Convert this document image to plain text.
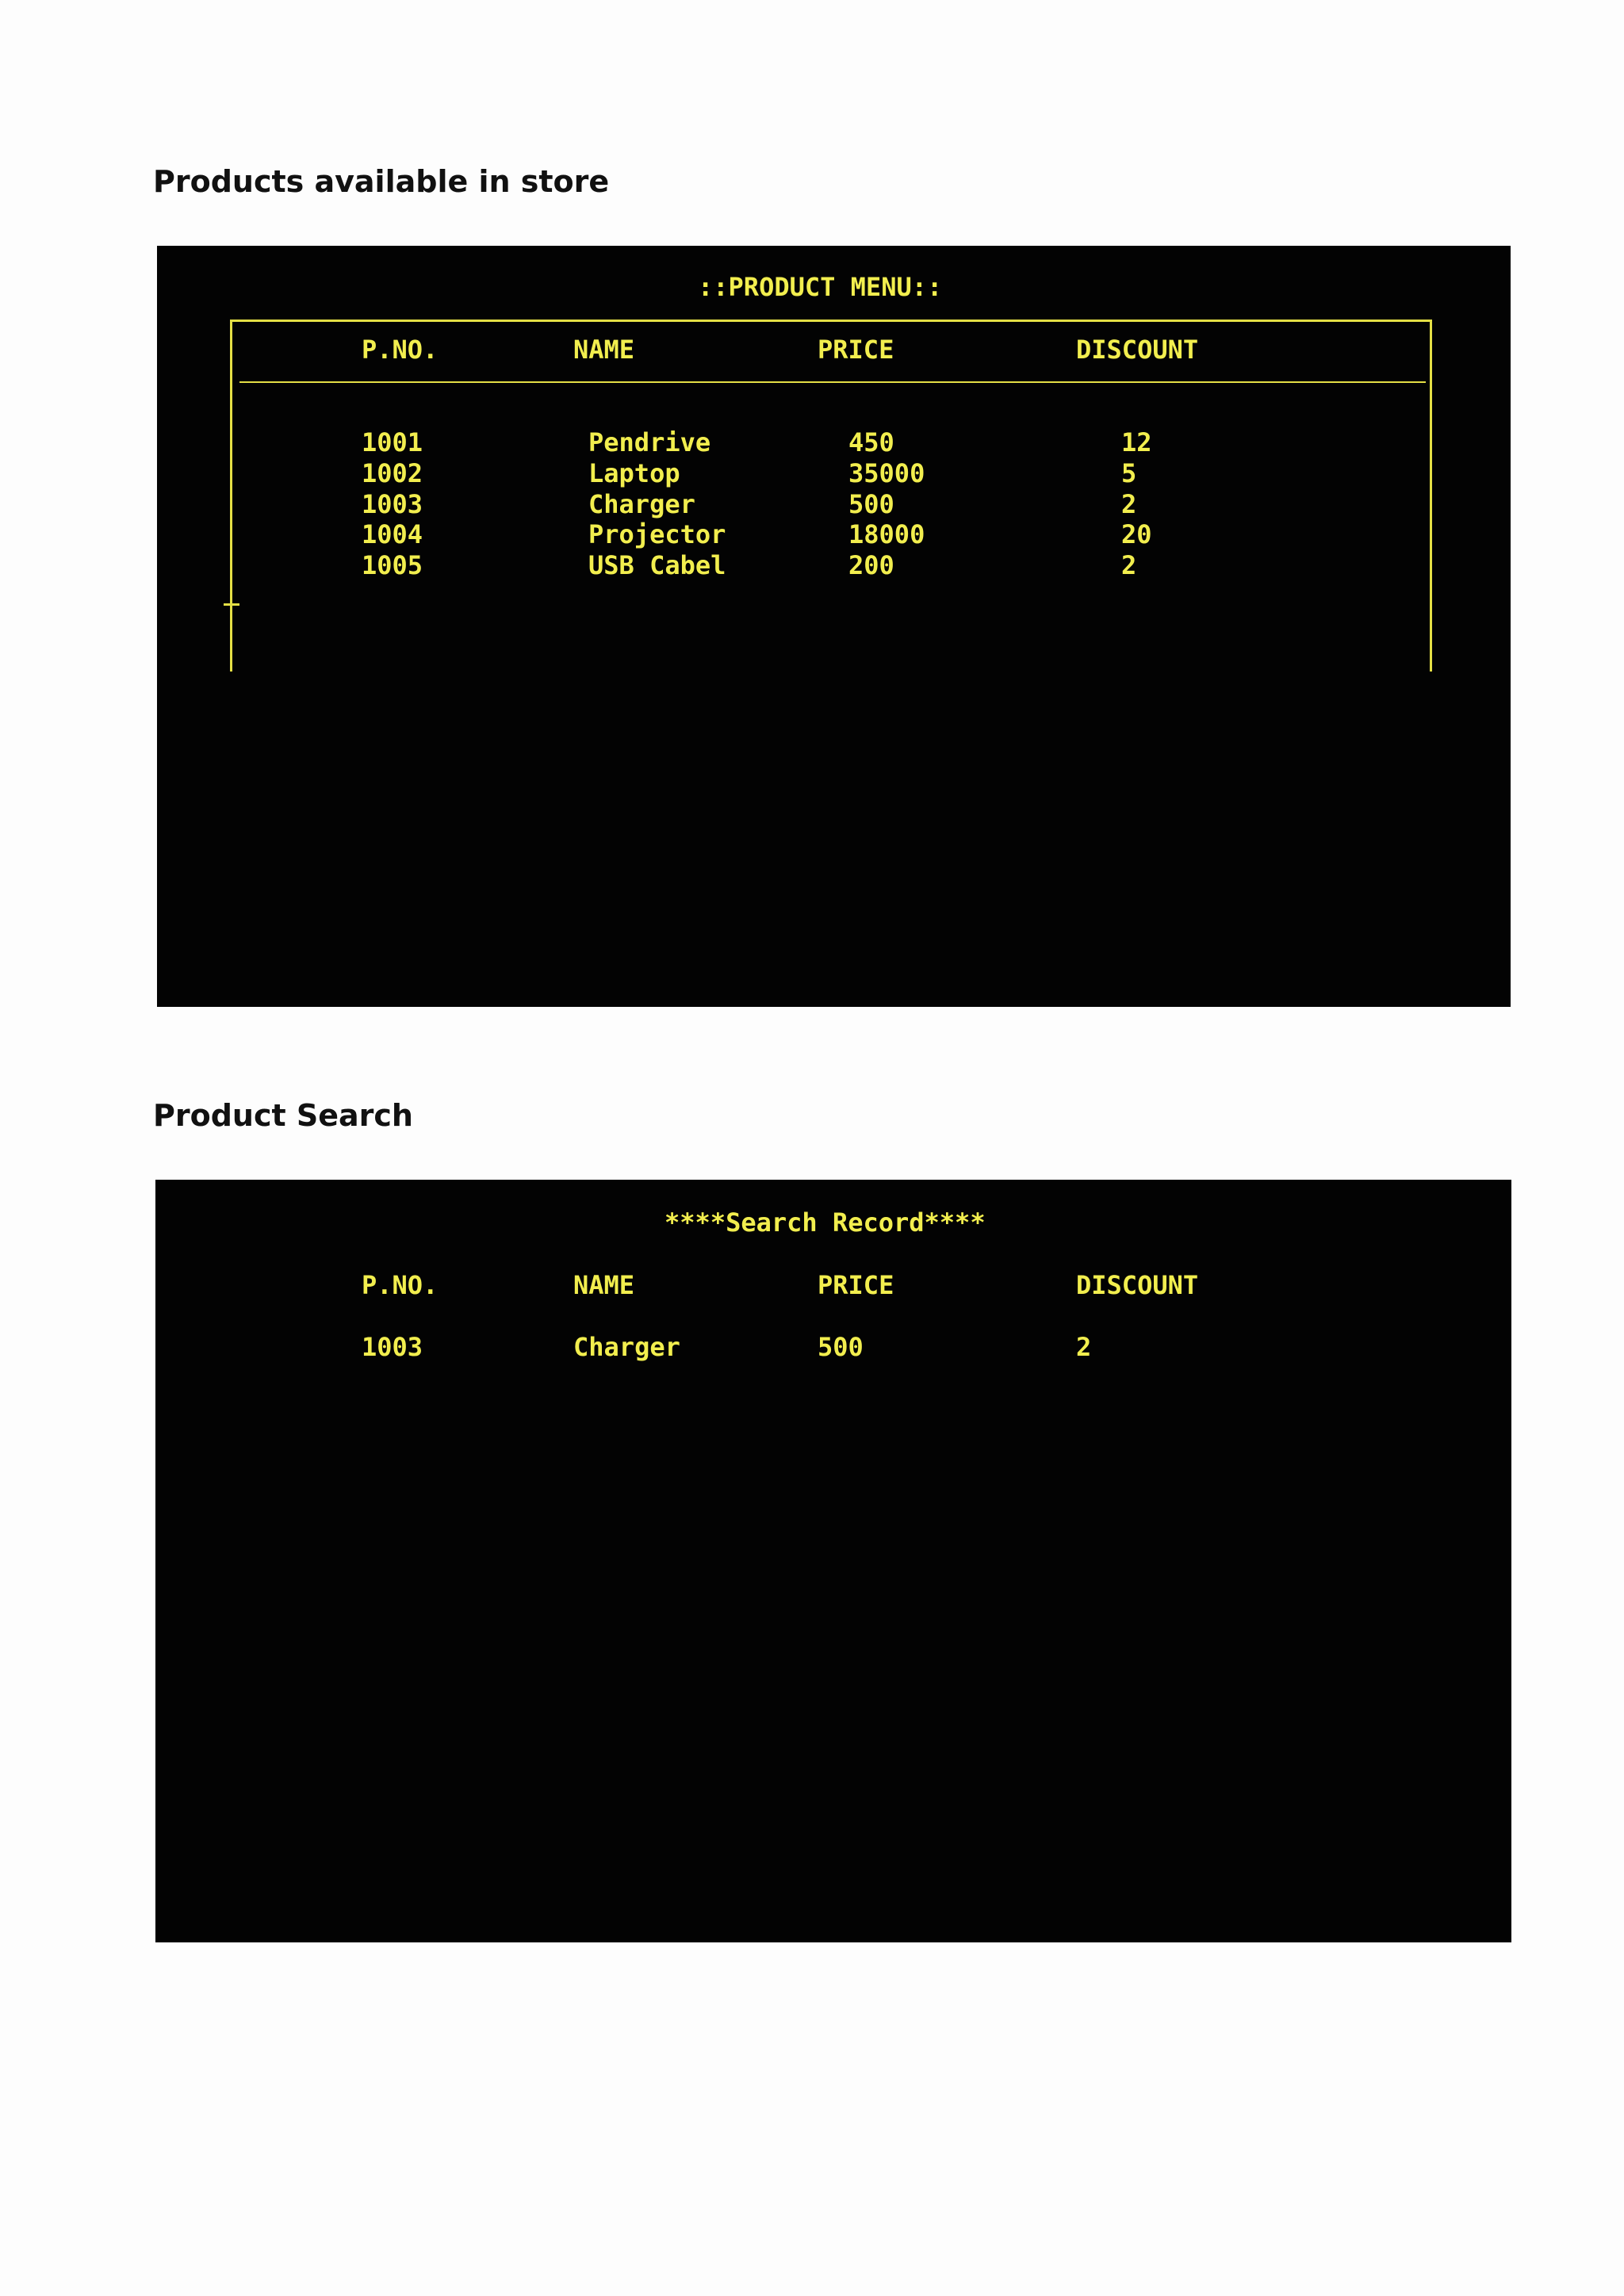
Products available in store
::PRODUCT MENU::
P.NO.	NAME	PRICE	DISCOUNT
1001	Pendrive	450	12
1002	Laptop	35000	5
1003	Charger	500	2
1004	Projector	18000	20
1005	USB Cabel	200	2
Product Search
****Search Record****
P.NO.	NAME	PRICE	DISCOUNT
1003	Charger	500	2
